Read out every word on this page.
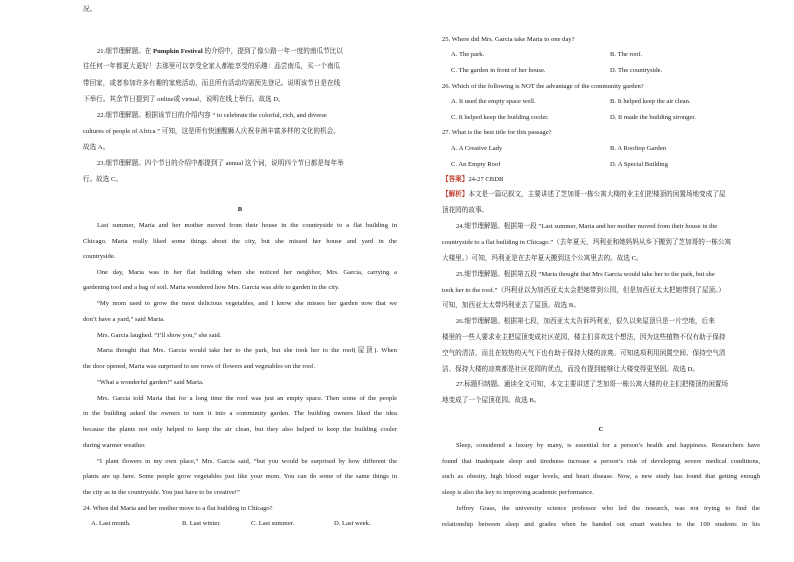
况。
21.细节理解题。在 Pumpkin Festival 的介绍中，提到了像公路一年一度的南瓜节比以
往任何一年都更大更好！去那里可以享受全家人都能享受的乐趣：品尝南瓜，买一个南瓜
带回家，或者参加许多有趣的家庭活动，而且所有活动均需预先登记。说明该节日是在线
下举行。其余节日提到了 online或 virtual，说明在线上举行。故选 D。
22.细节理解题。根据该节目的介绍内容 “ to celebrate the colorful, rich, and diverse
cultures of people of Africa ” 可知，这是所有快速醒狮人庆祝非洲丰富多样的文化的机会。
故选 A。
23.细节理解题。四个节日的介绍中都提到了 annual 这个词，说明四个节日都是每年举
行。故选 C。
B
Last summer, Maria and her mother moved from their house in the countryside to a flat building in
Chicago. Maria really liked some things about the city, but she missed her house and yard in the
countryside.
One day, Maria was in her flat building when she noticed her neighbor, Mrs. Garcia, carrying a
gardening tool and a bag of soil. Maria wondered how Mrs. Garcia was able to garden in the city.
“My mom used to grow the most delicious vegetables, and I know she misses her garden now that we
don’t have a yard,” said Maria.
Mrs. Garcia laughed. “I’ll show you,” she said.
Maria thought that Mrs. Garcia would take her to the park, but she took her to the roof(屋顶). When
the door opened, Maria was surprised to see rows of flowers and vegetables on the roof.
“What a wonderful garden!” said Maria.
Mrs. Garcia told Maria that for a long time the roof was just an empty space. Then some of the people
in the building asked the owners to turn it into a community garden. The building owners liked the idea
because the plants not only helped to keep the air clean, but they also helped to keep the building cooler
during warmer weather.
“I plant flowers in my own place,” Mrs. Garcia said, “but you would be surprised by how different the
plants are up here. Some people grow vegetables just like your mom. You can do some of the same things in
the city as in the countryside. You just have to be creative!”
24. When did Maria and her mother move to a flat building in Chicago?
A. Last month.	B. Last winter.	C. Last summer.	D. Last week.
25. Where did Mrs. Garcia take Maria to one day?
A. The park.	B. The roof.
C. The garden in front of her house.	D. The countryside.
26. Which of the following is NOT the advantage of the community garden?
A. It used the empty space well.	B. It helped keep the air clean.
C. It helped keep the building cooler.	D. It made the building stronger.
27. What is the best title for this passage?
A. A Creative Lady	B. A Rooftop Garden
C. An Empty Roof	D. A Special Building
【答案】24-27 CBDB
【解析】本文是一篇记叙文，主要讲述了芝加哥一栋公寓大楼的业主们把楼顶的闲置场地变成了屋
顶花园的故事。
24.细节理解题。根据第一段 “Last summer, Maria and her mother moved from their house in the
countryside to a flat building in Chicago.”（去年夏天，玛利亚和她妈妈从乡下搬到了芝加哥的一栋公寓
大楼里。）可知，玛利亚是在去年夏天搬到这个公寓里去的。故选 C。
25.细节理解题。根据第五段 “Maria thought that Mrs Garcia would take her to the park, but she
took her to the roof.”（玛利亚以为加西亚太太会把她带到公园，但是加西亚太太把她带到了屋顶。）
可知，加西亚太太带玛利亚去了屋顶。故选 B。
26.细节理解题。根据第七段，加西亚太太告诉玛利亚，很久以来屋顶只是一片空地，后来
楼里的一些人要求业主把屋顶变成社区花园，楼主们喜欢这个想法，因为这些植物不仅有助于保持
空气的清洁，而且在较热的天气下也有助于保持大楼的凉爽。可知选项利用闲置空间、保持空气清
洁、保持大楼的凉爽都是社区花园的优点，而没有提到能够让大楼变得更坚固。故选 D。
27.标题归纳题。通读全文可知，本文主要讲述了芝加哥一栋公寓大楼的业主们把楼顶的闲置场
地变成了一个屋顶花园。故选 B。
C
Sleep, considered a luxury by many, is essential for a person’s health and happiness. Researchers have
found that inadequate sleep and tiredness increase a person’s risk of developing severe medical conditions,
such as obesity, high blood sugar levels, and heart disease. Now, a new study has found that getting enough
sleep is also the key to improving academic performance.
Jeffrey Grass, the university science professor who led the research, was not trying to find the
relationship between sleep and grades when he handed out smart watches to the 100 students in his
